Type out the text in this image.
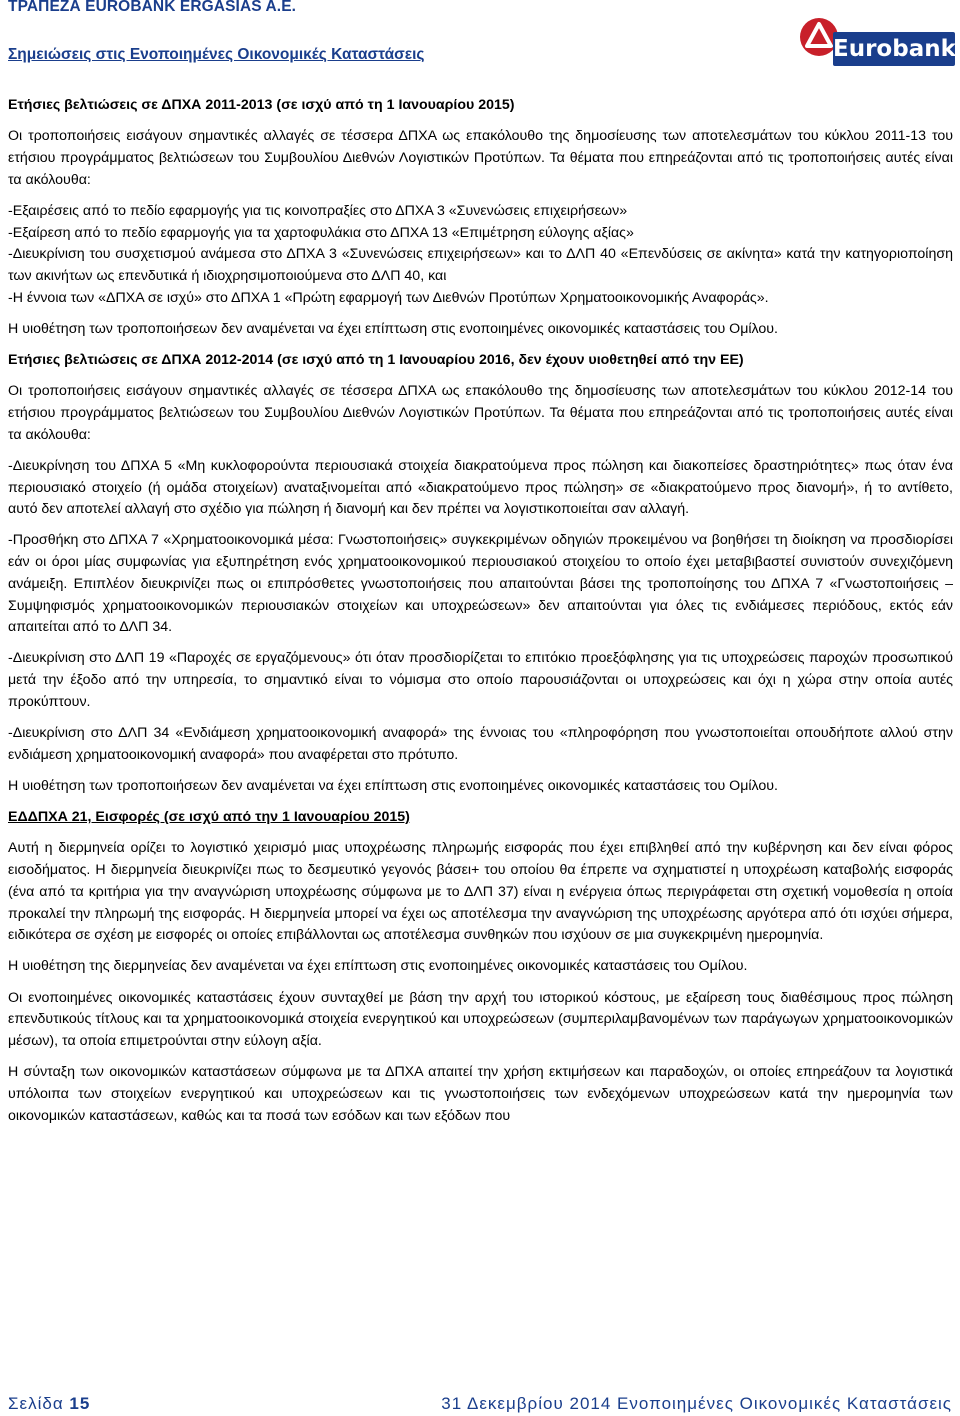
ΤΡΑΠΕΖΑ EUROBANK ERGASIAS A.E.
Σημειώσεις στις Ενοποιημένες Οικονομικές Καταστάσεις	Eurobank

Ετήσιες βελτιώσεις σε ΔΠΧΑ 2011-2013 (σε ισχύ από τη 1 Ιανουαρίου 2015)

Οι τροποποιήσεις εισάγουν σημαντικές αλλαγές σε τέσσερα ΔΠΧΑ ως επακόλουθο της δημοσίευσης των αποτελεσμάτων του κύκλου 2011-13 του ετήσιου προγράμματος βελτιώσεων του Συμβουλίου Διεθνών Λογιστικών Προτύπων. Τα θέματα που επηρεάζονται από τις τροποποιήσεις αυτές είναι τα ακόλουθα:

-Εξαιρέσεις από το πεδίο εφαρμογής για τις κοινοπραξίες στο ΔΠΧΑ 3 «Συνενώσεις επιχειρήσεων»

-Εξαίρεση από το πεδίο εφαρμογής για τα χαρτοφυλάκια στο ΔΠΧΑ 13 «Επιμέτρηση εύλογης αξίας»

-Διευκρίνιση του συσχετισμού ανάμεσα στο ΔΠΧΑ 3 «Συνενώσεις επιχειρήσεων» και το ΔΛΠ 40 «Επενδύσεις σε ακίνητα» κατά την κατηγοριοποίηση των ακινήτων ως επενδυτικά ή ιδιοχρησιμοποιούμενα στο ΔΛΠ 40, και

-Η έννοια των «ΔΠΧΑ σε ισχύ» στο ΔΠΧΑ 1 «Πρώτη εφαρμογή των Διεθνών Προτύπων Χρηματοοικονομικής Αναφοράς».

Η υιοθέτηση των τροποποιήσεων δεν αναμένεται να έχει επίπτωση στις ενοποιημένες οικονομικές καταστάσεις του Ομίλου.

Ετήσιες βελτιώσεις σε ΔΠΧΑ 2012-2014 (σε ισχύ από τη 1 Ιανουαρίου 2016, δεν έχουν υιοθετηθεί από την ΕΕ)

Οι τροποποιήσεις εισάγουν σημαντικές αλλαγές σε τέσσερα ΔΠΧΑ ως επακόλουθο της δημοσίευσης των αποτελεσμάτων του κύκλου 2012-14 του ετήσιου προγράμματος βελτιώσεων του Συμβουλίου Διεθνών Λογιστικών Προτύπων. Τα θέματα που επηρεάζονται από τις τροποποιήσεις αυτές είναι τα ακόλουθα:

-Διευκρίνηση του ΔΠΧΑ 5 «Μη κυκλοφορούντα περιουσιακά στοιχεία διακρατούμενα προς πώληση και διακοπείσες δραστηριότητες» πως όταν ένα περιουσιακό στοιχείο (ή ομάδα στοιχείων) αναταξινομείται από «διακρατούμενο προς πώληση» σε «διακρατούμενο προς διανομή», ή το αντίθετο, αυτό δεν αποτελεί αλλαγή στο σχέδιο για πώληση ή διανομή και δεν πρέπει να λογιστικοποιείται σαν αλλαγή.

-Προσθήκη στο ΔΠΧΑ 7 «Χρηματοοικονομικά μέσα: Γνωστοποιήσεις» συγκεκριμένων οδηγιών προκειμένου να βοηθήσει τη διοίκηση να προσδιορίσει εάν οι όροι μίας συμφωνίας για εξυπηρέτηση ενός χρηματοοικονομικού περιουσιακού στοιχείου το οποίο έχει μεταβιβαστεί συνιστούν συνεχιζόμενη ανάμειξη. Επιπλέον διευκρινίζει πως οι επιπρόσθετες γνωστοποιήσεις που απαιτούνται βάσει της τροποποίησης του ΔΠΧΑ 7 «Γνωστοποιήσεις – Συμψηφισμός χρηματοοικονομικών περιουσιακών στοιχείων και υποχρεώσεων» δεν απαιτούνται για όλες τις ενδιάμεσες περιόδους, εκτός εάν απαιτείται από το ΔΛΠ 34.

-Διευκρίνιση στο ΔΛΠ 19 «Παροχές σε εργαζόμενους» ότι όταν προσδιορίζεται το επιτόκιο προεξόφλησης για τις υποχρεώσεις παροχών προσωπικού μετά την έξοδο από την υπηρεσία, το σημαντικό είναι το νόμισμα στο οποίο παρουσιάζονται οι υποχρεώσεις και όχι η χώρα στην οποία αυτές προκύπτουν.

-Διευκρίνιση στο ΔΛΠ 34 «Ενδιάμεση χρηματοοικονομική αναφορά» της έννοιας του «πληροφόρηση που γνωστοποιείται οπουδήποτε αλλού στην ενδιάμεση χρηματοοικονομική αναφορά» που αναφέρεται στο πρότυπο.

Η υιοθέτηση των τροποποιήσεων δεν αναμένεται να έχει επίπτωση στις ενοποιημένες οικονομικές καταστάσεις του Ομίλου.

ΕΔΔΠΧΑ 21, Εισφορές (σε ισχύ από την 1 Ιανουαρίου 2015)

Αυτή η διερμηνεία ορίζει το λογιστικό χειρισμό μιας υποχρέωσης πληρωμής εισφοράς που έχει επιβληθεί από την κυβέρνηση και δεν είναι φόρος εισοδήματος. Η διερμηνεία διευκρινίζει πως το δεσμευτικό γεγονός βάσει+ του οποίου θα έπρεπε να σχηματιστεί η υποχρέωση καταβολής εισφοράς (ένα από τα κριτήρια για την αναγνώριση υποχρέωσης σύμφωνα με το ΔΛΠ 37) είναι η ενέργεια όπως περιγράφεται στη σχετική νομοθεσία η οποία προκαλεί την πληρωμή της εισφοράς. Η διερμηνεία μπορεί να έχει ως αποτέλεσμα την αναγνώριση της υποχρέωσης αργότερα από ότι ισχύει σήμερα, ειδικότερα σε σχέση με εισφορές οι οποίες επιβάλλονται ως αποτέλεσμα συνθηκών που ισχύουν σε μια συγκεκριμένη ημερομηνία.

Η υιοθέτηση της διερμηνείας δεν αναμένεται να έχει επίπτωση στις ενοποιημένες οικονομικές καταστάσεις του Ομίλου.

Οι ενοποιημένες οικονομικές καταστάσεις έχουν συνταχθεί με βάση την αρχή του ιστορικού κόστους, με εξαίρεση τους διαθέσιμους προς πώληση επενδυτικούς τίτλους και τα χρηματοοικονομικά στοιχεία ενεργητικού και υποχρεώσεων (συμπεριλαμβανομένων των παράγωγων χρηματοοικονομικών μέσων), τα οποία επιμετρούνται στην εύλογη αξία.

Η σύνταξη των οικονομικών καταστάσεων σύμφωνα με τα ΔΠΧΑ απαιτεί την χρήση εκτιμήσεων και παραδοχών, οι οποίες επηρεάζουν τα λογιστικά υπόλοιπα των στοιχείων ενεργητικού και υποχρεώσεων και τις γνωστοποιήσεις των ενδεχόμενων υποχρεώσεων κατά την ημερομηνία των οικονομικών καταστάσεων, καθώς και τα ποσά των εσόδων και των εξόδων που

Σελίδα 15	31 Δεκεμβρίου 2014 Ενοποιημένες Οικονομικές Καταστάσεις
